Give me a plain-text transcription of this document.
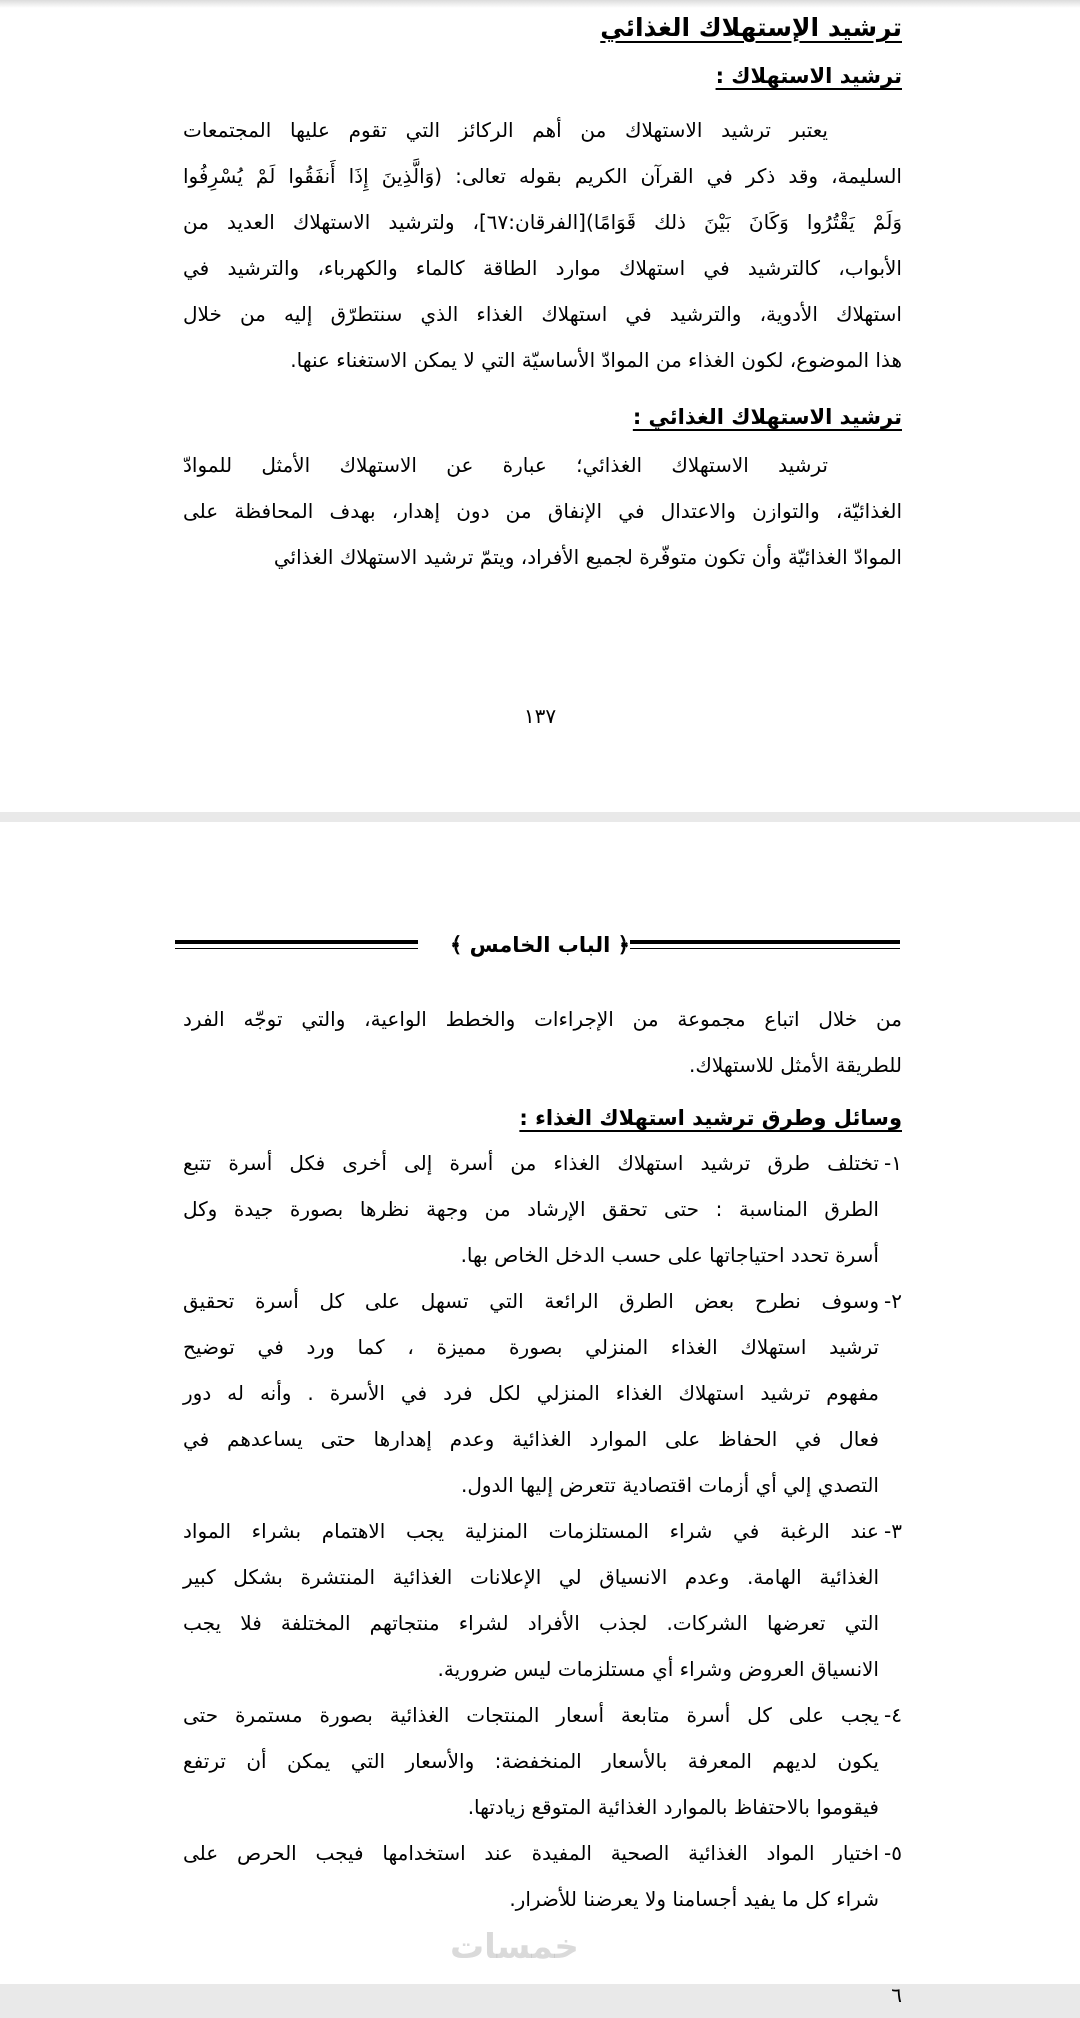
ترشيد الإستهلاك الغذائي
ترشيد الاستهلاك :
يعتبر ترشيد الاستهلاك من أهم الركائز التي تقوم عليها المجتمعات
السليمة، وقد ذكر في القرآن الكريم بقوله تعالى: (وَالَّذِينَ إِذَا أَنفَقُوا لَمْ يُسْرِفُوا
وَلَمْ يَقْتُرُوا وَكَانَ بَيْنَ ذلك قَوَامًا)[الفرقان:٦٧]، ولترشيد الاستهلاك العديد من
الأبواب، كالترشيد في استهلاك موارد الطاقة كالماء والكهرباء، والترشيد في
استهلاك الأدوية، والترشيد في استهلاك الغذاء الذي سنتطرّق إليه من خلال
هذا الموضوع، لكون الغذاء من الموادّ الأساسيّة التي لا يمكن الاستغناء عنها.
ترشيد الاستهلاك الغذائي :
ترشيد الاستهلاك الغذائي؛ عبارة عن الاستهلاك الأمثل للموادّ
الغذائيّة، والتوازن والاعتدال في الإنفاق من دون إهدار، بهدف المحافظة على
الموادّ الغذائيّة وأن تكون متوفّرة لجميع الأفراد، ويتمّ ترشيد الاستهلاك الغذائي
١٣٧
﴿ الباب الخامس ﴾
من خلال اتباع مجموعة من الإجراءات والخطط الواعية، والتي توجّه الفرد
للطريقة الأمثل للاستهلاك.
وسائل وطرق ترشيد استهلاك الغذاء :
١-تختلف طرق ترشيد استهلاك الغذاء من أسرة إلى أخرى فكل أسرة تتبع
الطرق المناسبة : حتى تحقق الإرشاد من وجهة نظرها بصورة جيدة وكل
أسرة تحدد احتياجاتها على حسب الدخل الخاص بها.
٢-وسوف نطرح بعض الطرق الرائعة التي تسهل على كل أسرة تحقيق
ترشيد استهلاك الغذاء المنزلي بصورة مميزة ، كما ورد في توضيح
مفهوم ترشيد استهلاك الغذاء المنزلي لكل فرد في الأسرة . وأنه له دور
فعال في الحفاظ على الموارد الغذائية وعدم إهدارها حتى يساعدهم في
التصدي إلي أي أزمات اقتصادية تتعرض إليها الدول.
٣-عند الرغبة في شراء المستلزمات المنزلية يجب الاهتمام بشراء المواد
الغذائية الهامة. وعدم الانسياق لي الإعلانات الغذائية المنتشرة بشكل كبير
التي تعرضها الشركات. لجذب الأفراد لشراء منتجاتهم المختلفة فلا يجب
الانسياق العروض وشراء أي مستلزمات ليس ضرورية.
٤-يجب على كل أسرة متابعة أسعار المنتجات الغذائية بصورة مستمرة حتى
يكون لديهم المعرفة بالأسعار المنخفضة: والأسعار التي يمكن أن ترتفع
فيقوموا بالاحتفاظ بالموارد الغذائية المتوقع زيادتها.
٥-اختيار المواد الغذائية الصحية المفيدة عند استخدامها فيجب الحرص على
شراء كل ما يفيد أجسامنا ولا يعرضنا للأضرار.
٦
خمسات
